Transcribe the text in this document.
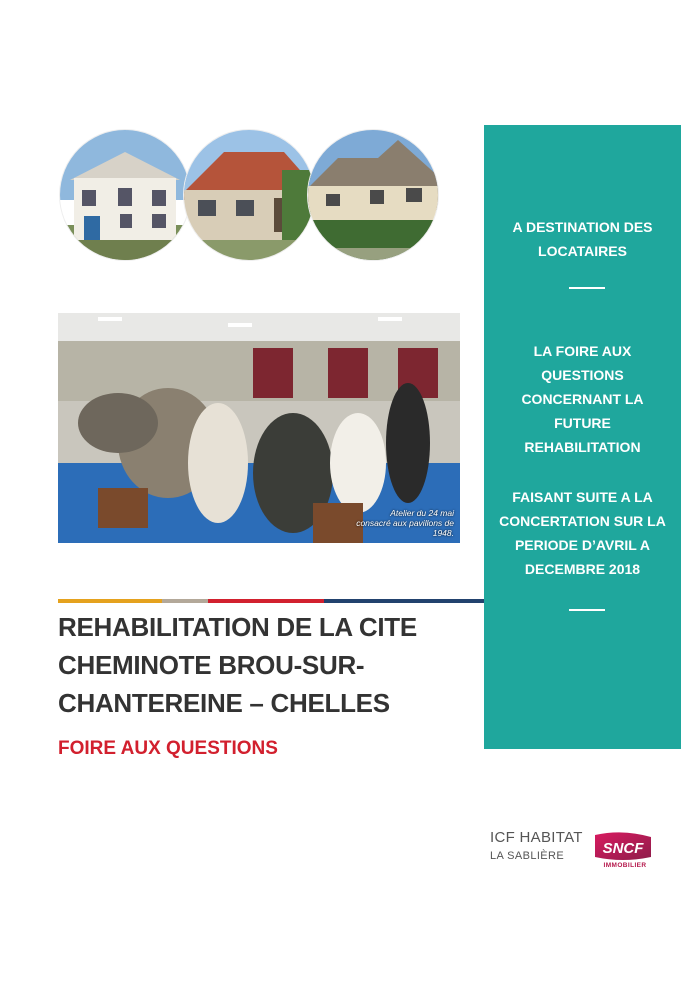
Atelier du 24 mai consacré aux pavillons de 1948.
A DESTINATION DES LOCATAIRES
LA FOIRE AUX QUESTIONS CONCERNANT LA FUTURE REHABILITATION
FAISANT SUITE A LA CONCERTATION SUR LA PERIODE D’AVRIL A DECEMBRE 2018
REHABILITATION DE LA CITE CHEMINOTE BROU-SUR-CHANTEREINE – CHELLES
FOIRE AUX QUESTIONS
ICF HABITAT
LA SABLIÈRE	SNCF
IMMOBILIER
